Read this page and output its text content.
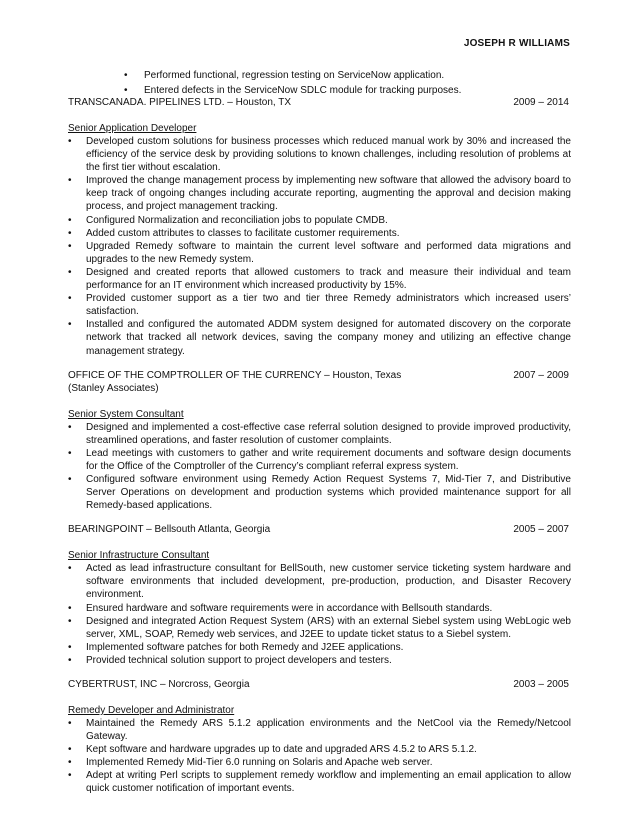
JOSEPH R WILLIAMS
• Performed functional, regression testing on ServiceNow application.
• Entered defects in the ServiceNow SDLC module for tracking purposes.
TRANSCANADA. PIPELINES LTD. – Houston, TX	2009 – 2014
Senior Application Developer
• Developed custom solutions for business processes which reduced manual work by 30% and increased the efficiency of the service desk by providing solutions to known challenges, including resolution of problems at the first tier without escalation.
• Improved the change management process by implementing new software that allowed the advisory board to keep track of ongoing changes including accurate reporting, augmenting the approval and decision making process, and project management tracking.
• Configured Normalization and reconciliation jobs to populate CMDB.
• Added custom attributes to classes to facilitate customer requirements.
• Upgraded Remedy software to maintain the current level software and performed data migrations and upgrades to the new Remedy system.
• Designed and created reports that allowed customers to track and measure their individual and team performance for an IT environment which increased productivity by 15%.
• Provided customer support as a tier two and tier three Remedy administrators which increased users’ satisfaction.
• Installed and configured the automated ADDM system designed for automated discovery on the corporate network that tracked all network devices, saving the company money and utilizing an effective change management strategy.
OFFICE OF THE COMPTROLLER OF THE CURRENCY – Houston, Texas	2007 – 2009
(Stanley Associates)
Senior System Consultant
• Designed and implemented a cost-effective case referral solution designed to provide improved productivity, streamlined operations, and faster resolution of customer complaints.
• Lead meetings with customers to gather and write requirement documents and software design documents for the Office of the Comptroller of the Currency’s compliant referral express system.
• Configured software environment using Remedy Action Request Systems 7, Mid-Tier 7, and Distributive Server Operations on development and production systems which provided maintenance support for all Remedy-based applications.
BEARINGPOINT – Bellsouth Atlanta, Georgia	2005 – 2007
Senior Infrastructure Consultant
• Acted as lead infrastructure consultant for BellSouth, new customer service ticketing system hardware and software environments that included development, pre-production, production, and Disaster Recovery environment.
• Ensured hardware and software requirements were in accordance with Bellsouth standards.
• Designed and integrated Action Request System (ARS) with an external Siebel system using WebLogic web server, XML, SOAP, Remedy web services, and J2EE to update ticket status to a Siebel system.
• Implemented software patches for both Remedy and J2EE applications.
• Provided technical solution support to project developers and testers.
CYBERTRUST, INC – Norcross, Georgia	2003 – 2005
Remedy Developer and Administrator
• Maintained the Remedy ARS 5.1.2 application environments and the NetCool via the Remedy/Netcool Gateway.
• Kept software and hardware upgrades up to date and upgraded ARS 4.5.2 to ARS 5.1.2.
• Implemented Remedy Mid-Tier 6.0 running on Solaris and Apache web server.
• Adept at writing Perl scripts to supplement remedy workflow and implementing an email application to allow quick customer notification of important events.
